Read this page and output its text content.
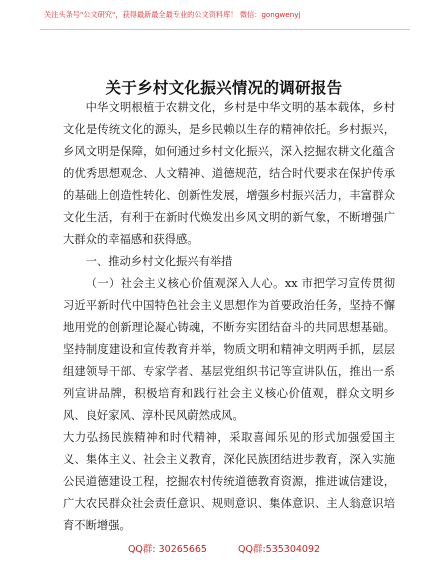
关注头条号"公文研究"，获得最新最全最专业的公文资料库！ 微信：gongwenyj
关于乡村文化振兴情况的调研报告

中华文明根植于农耕文化，乡村是中华文明的基本载体，乡村文化是传统文化的源头，是乡民赖以生存的精神依托。乡村振兴，乡风文明是保障，如何通过乡村文化振兴，深入挖掘农耕文化蕴含的优秀思想观念、人文精神、道德规范，结合时代要求在保护传承的基础上创造性转化、创新性发展，增强乡村振兴活力，丰富群众文化生活，有利于在新时代焕发出乡风文明的新气象，不断增强广大群众的幸福感和获得感。

一、推动乡村文化振兴有举措

（一）社会主义核心价值观深入人心。xx 市把学习宣传贯彻习近平新时代中国特色社会主义思想作为首要政治任务，坚持不懈地用党的创新理论凝心铸魂，不断夯实团结奋斗的共同思想基础。坚持制度建设和宣传教育并举，物质文明和精神文明两手抓，层层组建领导干部、专家学者、基层党组织书记等宣讲队伍，推出一系列宣讲品牌，积极培育和践行社会主义核心价值观，群众文明乡风、良好家风、淳朴民风蔚然成风。

大力弘扬民族精神和时代精神，采取喜闻乐见的形式加强爱国主义、集体主义、社会主义教育，深化民族团结进步教育，深入实施公民道德建设工程，挖掘农村传统道德教育资源，推进诚信建设，广大农民群众社会责任意识、规则意识、集体意识、主人翁意识培育不断增强。

QQ群: 30265665	QQ群:535304092
